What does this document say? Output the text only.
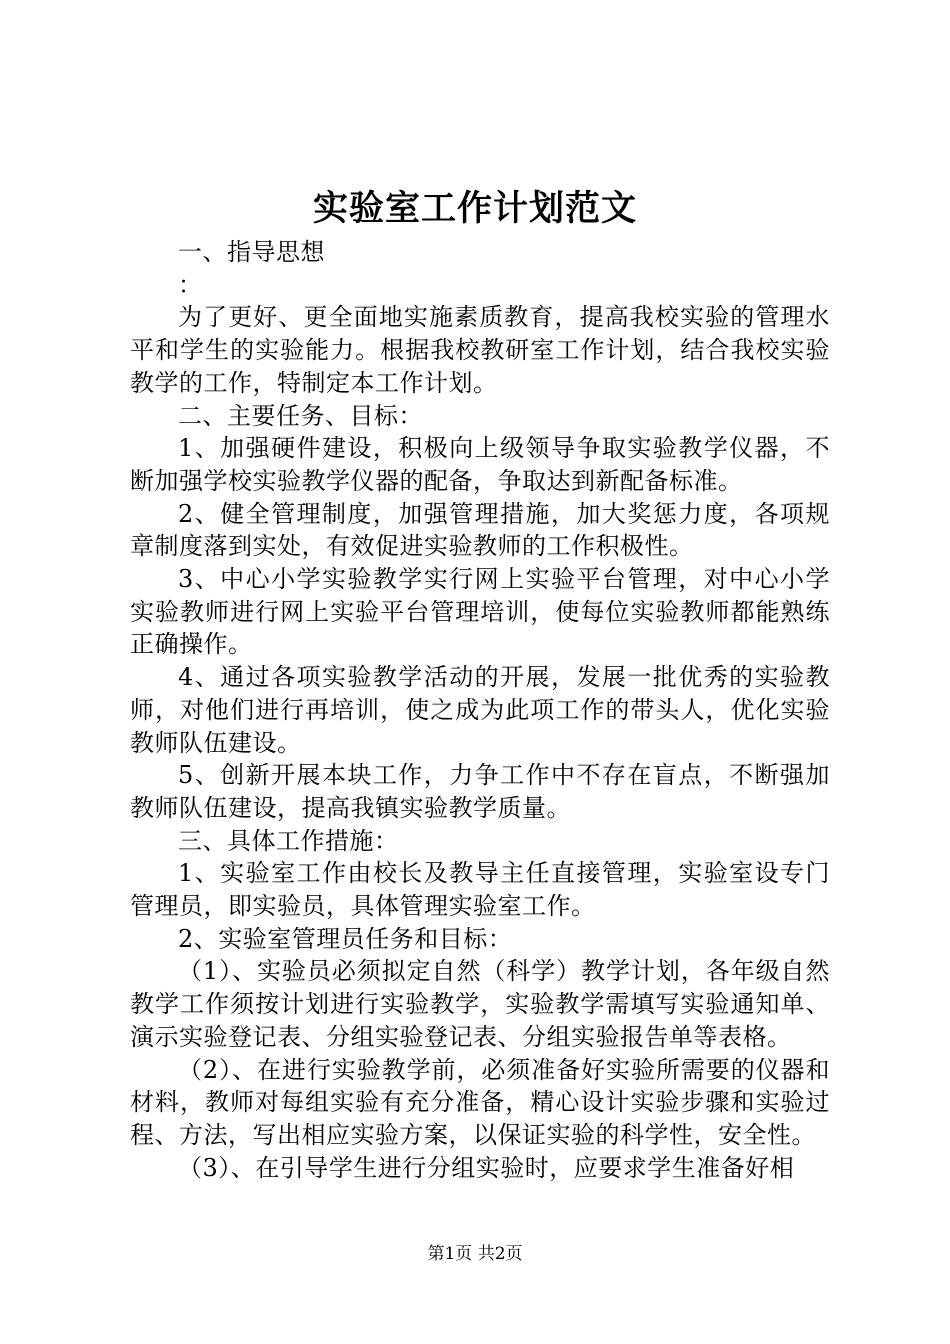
实验室工作计划范文

一、指导思想

：

为了更好、更全面地实施素质教育，提高我校实验的管理水平和学生的实验能力。根据我校教研室工作计划，结合我校实验教学的工作，特制定本工作计划。

二、主要任务、目标：

1、加强硬件建设，积极向上级领导争取实验教学仪器，不断加强学校实验教学仪器的配备，争取达到新配备标准。

2、健全管理制度，加强管理措施，加大奖惩力度，各项规章制度落到实处，有效促进实验教师的工作积极性。

3、中心小学实验教学实行网上实验平台管理，对中心小学实验教师进行网上实验平台管理培训，使每位实验教师都能熟练正确操作。

4、通过各项实验教学活动的开展，发展一批优秀的实验教师，对他们进行再培训，使之成为此项工作的带头人，优化实验教师队伍建设。

5、创新开展本块工作，力争工作中不存在盲点，不断强加教师队伍建设，提高我镇实验教学质量。

三、具体工作措施：

1、实验室工作由校长及教导主任直接管理，实验室设专门管理员，即实验员，具体管理实验室工作。

2、实验室管理员任务和目标：

（1）、实验员必须拟定自然（科学）教学计划，各年级自然教学工作须按计划进行实验教学，实验教学需填写实验通知单、演示实验登记表、分组实验登记表、分组实验报告单等表格。

（2）、在进行实验教学前，必须准备好实验所需要的仪器和材料，教师对每组实验有充分准备，精心设计实验步骤和实验过程、方法，写出相应实验方案，以保证实验的科学性，安全性。

（3）、在引导学生进行分组实验时，应要求学生准备好相

第1页 共2页
